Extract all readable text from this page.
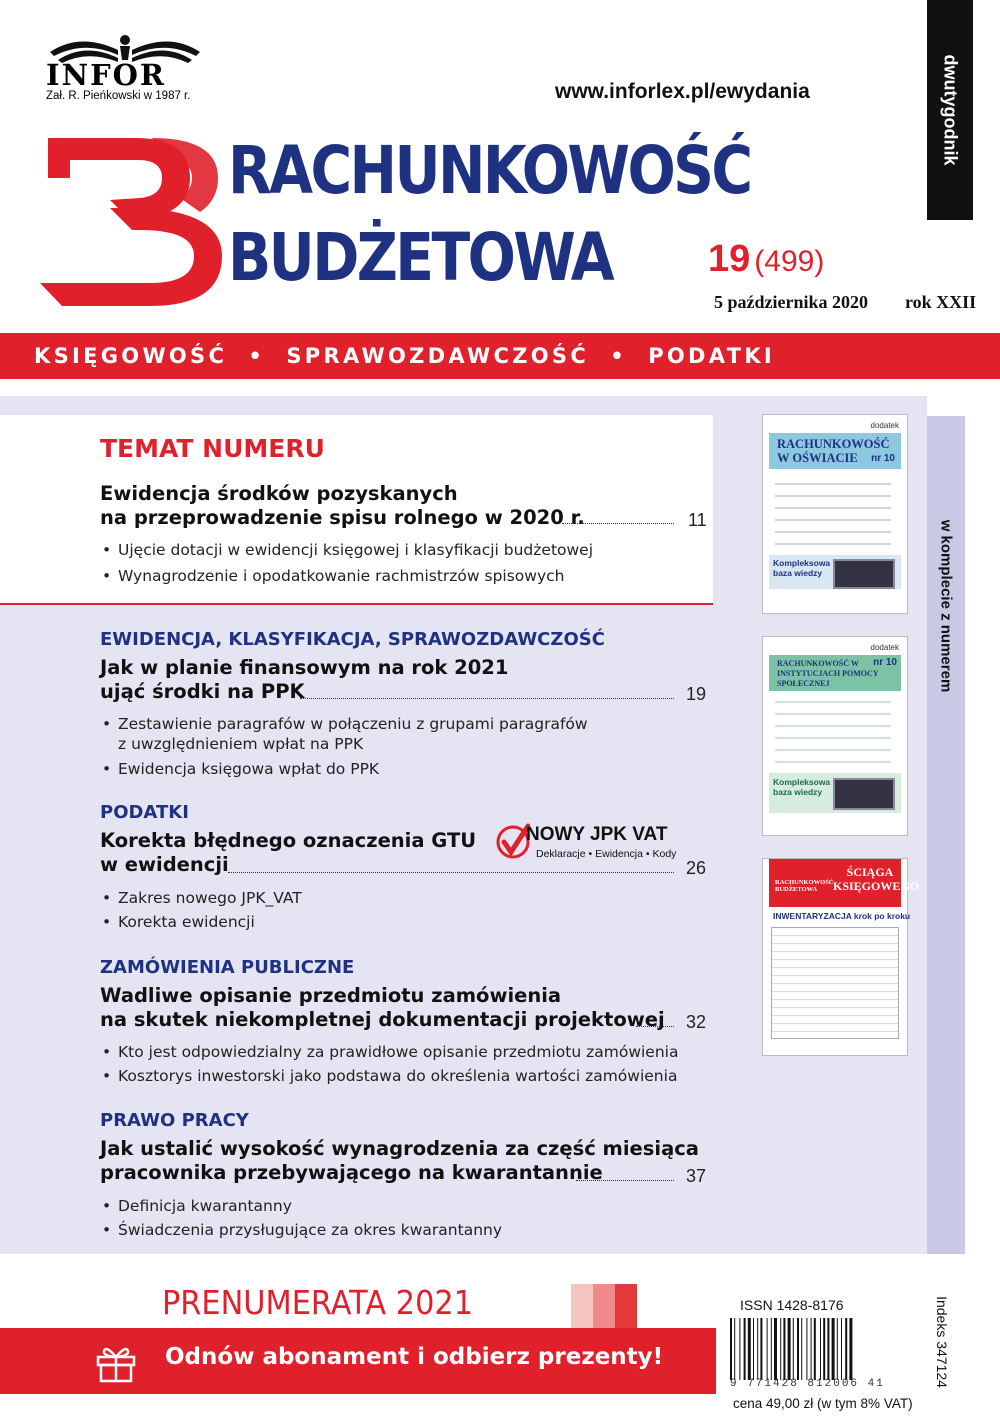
INFOR
Zał. R. Pieńkowski w 1987 r.	www.inforlex.pl/ewydania	dwutygodnik
RACHUNKOWOŚĆ
BUDŻETOWA	19 (499)
5 października 2020 rok XXII
KSIĘGOWOŚĆ  •  SPRAWOZDAWCZOŚĆ  •  PODATKI
TEMAT NUMERU
Ewidencja środków pozyskanych
na przeprowadzenie spisu rolnego w 2020 r.	11
• Ujęcie dotacji w ewidencji księgowej i klasyfikacji budżetowej
• Wynagrodzenie i opodatkowanie rachmistrzów spisowych
EWIDENCJA, KLASYFIKACJA, SPRAWOZDAWCZOŚĆ
Jak w planie finansowym na rok 2021
ująć środki na PPK	19
• Zestawienie paragrafów w połączeniu z grupami paragrafów
z uwzględnieniem wpłat na PPK
• Ewidencja księgowa wpłat do PPK
PODATKI
Korekta błędnego oznaczenia GTU
w ewidencji	26
• Zakres nowego JPK_VAT
• Korekta ewidencji
NOWY JPK VAT
Deklaracje • Ewidencja • Kody
ZAMÓWIENIA PUBLICZNE
Wadliwe opisanie przedmiotu zamówienia
na skutek niekompletnej dokumentacji projektowej 32
• Kto jest odpowiedzialny za prawidłowe opisanie przedmiotu zamówienia
• Kosztorys inwestorski jako podstawa do określenia wartości zamówienia
PRAWO PRACY
Jak ustalić wysokość wynagrodzenia za część miesiąca
pracownika przebywającego na kwarantannie	37
• Definicja kwarantanny
• Świadczenia przysługujące za okres kwarantanny
w komplecie z numerem
dodatek
RACHUNKOWOŚĆ W OŚWIACIE	nr 10
Kompleksowa baza wiedzy
dodatek
RACHUNKOWOŚĆ W INSTYTUCJACH POMOCY SPOŁECZNEJ
nr 10
Kompleksowa baza wiedzy
RACHUNKOWOŚĆ BUDŻETOWA
ŚCIĄGA KSIĘGOWEGO
INWENTARYZACJA krok po kroku
PRENUMERATA 2021
Odnów abonament i odbierz prezenty!
ISSN 1428-8176
9 771428 812006 41
cena 49,00 zł (w tym 8% VAT)
Indeks 347124
